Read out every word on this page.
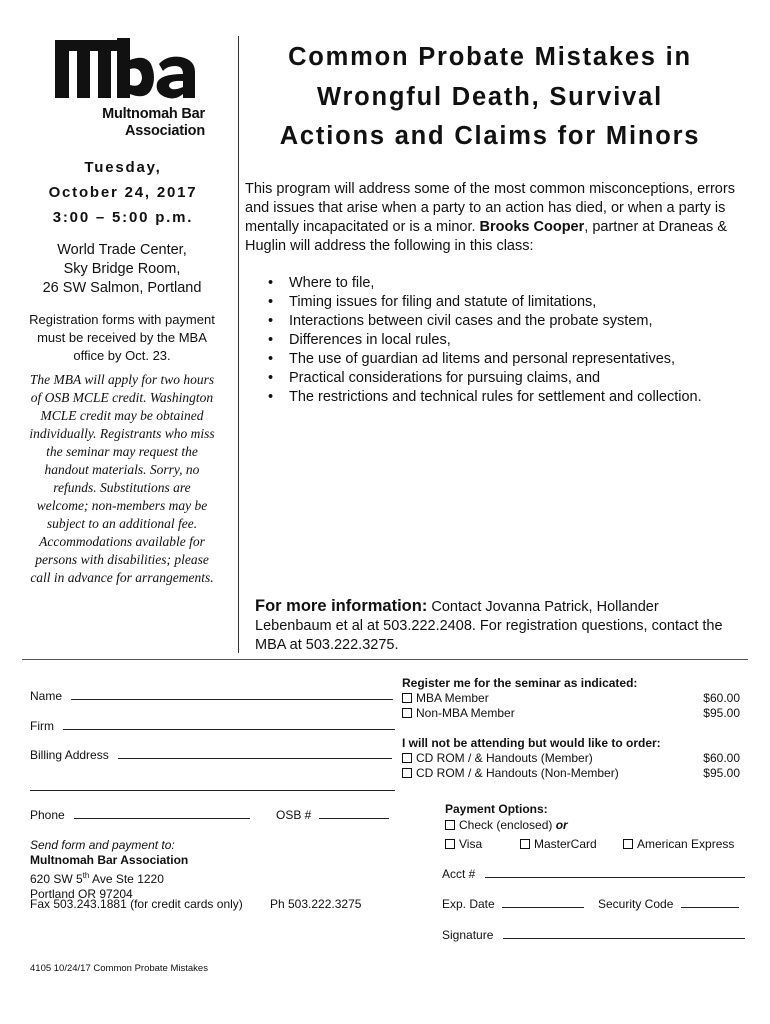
Multnomah Bar
Association
Tuesday,
October 24, 2017
3:00 – 5:00 p.m.
World Trade Center,
Sky Bridge Room,
26 SW Salmon, Portland
Registration forms with payment must be received by the MBA office by Oct. 23.
The MBA will apply for two hours of OSB MCLE credit. Washington MCLE credit may be obtained individually. Registrants who miss the seminar may request the handout materials. Sorry, no refunds. Substitutions are welcome; non-members may be subject to an additional fee. Accommodations available for persons with disabilities; please call in advance for arrangements.
Common Probate Mistakes in
Wrongful Death, Survival
Actions and Claims for Minors
This program will address some of the most common misconceptions, errors and issues that arise when a party to an action has died, or when a party is mentally incapacitated or is a minor. Brooks Cooper, partner at Draneas & Huglin will address the following in this class:
• Where to file,
• Timing issues for filing and statute of limitations,
• Interactions between civil cases and the probate system,
• Differences in local rules,
• The use of guardian ad litems and personal representatives,
• Practical considerations for pursuing claims, and
• The restrictions and technical rules for settlement and collection.
For more information: Contact Jovanna Patrick, Hollander Lebenbaum et al at 503.222.2408. For registration questions, contact the MBA at 503.222.3275.
Name
Firm
Billing Address
Phone	OSB #
Send form and payment to:
Multnomah Bar Association
620 SW 5th Ave Ste 1220
Portland OR 97204
Fax 503.243.1881 (for credit cards only) Ph 503.222.3275
Register me for the seminar as indicated:
MBA Member	$60.00
Non-MBA Member	$95.00
I will not be attending but would like to order:
CD ROM / & Handouts (Member)	$60.00
CD ROM / & Handouts (Non-Member)	$95.00
Payment Options:
Check (enclosed) or
Visa	MasterCard	American Express
Acct #
Exp. Date	Security Code
Signature
4105 10/24/17 Common Probate Mistakes
